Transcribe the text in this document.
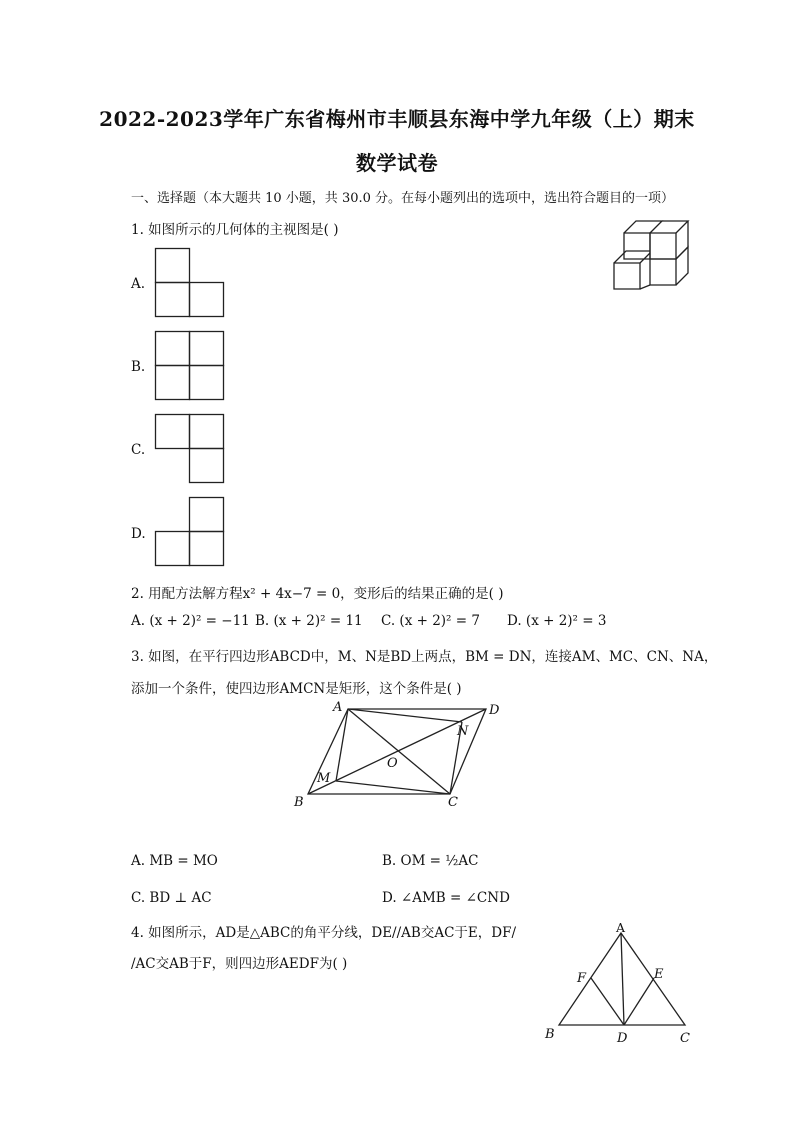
2022-2023学年广东省梅州市丰顺县东海中学九年级（上）期末
数学试卷
一、选择题（本大题共 10 小题，共 30.0 分。在每小题列出的选项中，选出符合题目的一项）
1. 如图所示的几何体的主视图是( )
A.
B.
C.
D.
2. 用配方法解方程x² + 4x−7 = 0，变形后的结果正确的是( )
A. (x + 2)² = −11 B. (x + 2)² = 11 C. (x + 2)² = 7 D. (x + 2)² = 3
3. 如图，在平行四边形ABCD中，M、N是BD上两点，BM = DN，连接AM、MC、CN、NA，
添加一个条件，使四边形AMCN是矩形，这个条件是( )
A	D
C
B
M
N
O
A. MB = MO	B. OM = ½AC
C. BD ⊥ AC	D. ∠AMB = ∠CND
4. 如图所示，AD是△ABC的角平分线，DE//AB交AC于E，DF/
/AC交AB于F，则四边形AEDF为( )
A
B	C
D
E
F
